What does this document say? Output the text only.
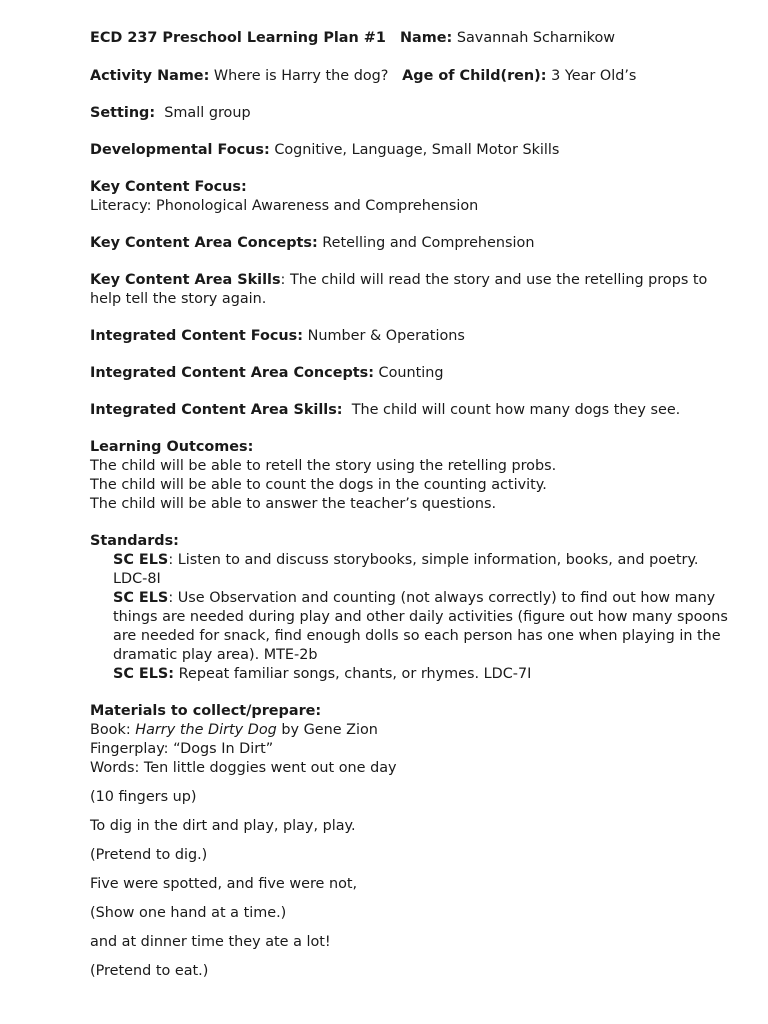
ECD 237 Preschool Learning Plan #1 Name: Savannah Scharnikow
Activity Name: Where is Harry the dog? Age of Child(ren): 3 Year Old’s
Setting: Small group
Developmental Focus: Cognitive, Language, Small Motor Skills
Key Content Focus:
Literacy: Phonological Awareness and Comprehension
Key Content Area Concepts: Retelling and Comprehension
Key Content Area Skills: The child will read the story and use the retelling props to help tell the story again.
Integrated Content Focus: Number & Operations
Integrated Content Area Concepts: Counting
Integrated Content Area Skills: The child will count how many dogs they see.
Learning Outcomes:
The child will be able to retell the story using the retelling probs.
The child will be able to count the dogs in the counting activity.
The child will be able to answer the teacher’s questions.
Standards:
SC ELS: Listen to and discuss storybooks, simple information, books, and poetry. LDC-8I
SC ELS: Use Observation and counting (not always correctly) to find out how many things are needed during play and other daily activities (figure out how many spoons are needed for snack, find enough dolls so each person has one when playing in the dramatic play area). MTE-2b
SC ELS: Repeat familiar songs, chants, or rhymes. LDC-7I
Materials to collect/prepare:
Book: Harry the Dirty Dog by Gene Zion
Fingerplay: “Dogs In Dirt”
Words: Ten little doggies went out one day
(10 fingers up)
To dig in the dirt and play, play, play.
(Pretend to dig.)
Five were spotted, and five were not,
(Show one hand at a time.)
and at dinner time they ate a lot!
(Pretend to eat.)
